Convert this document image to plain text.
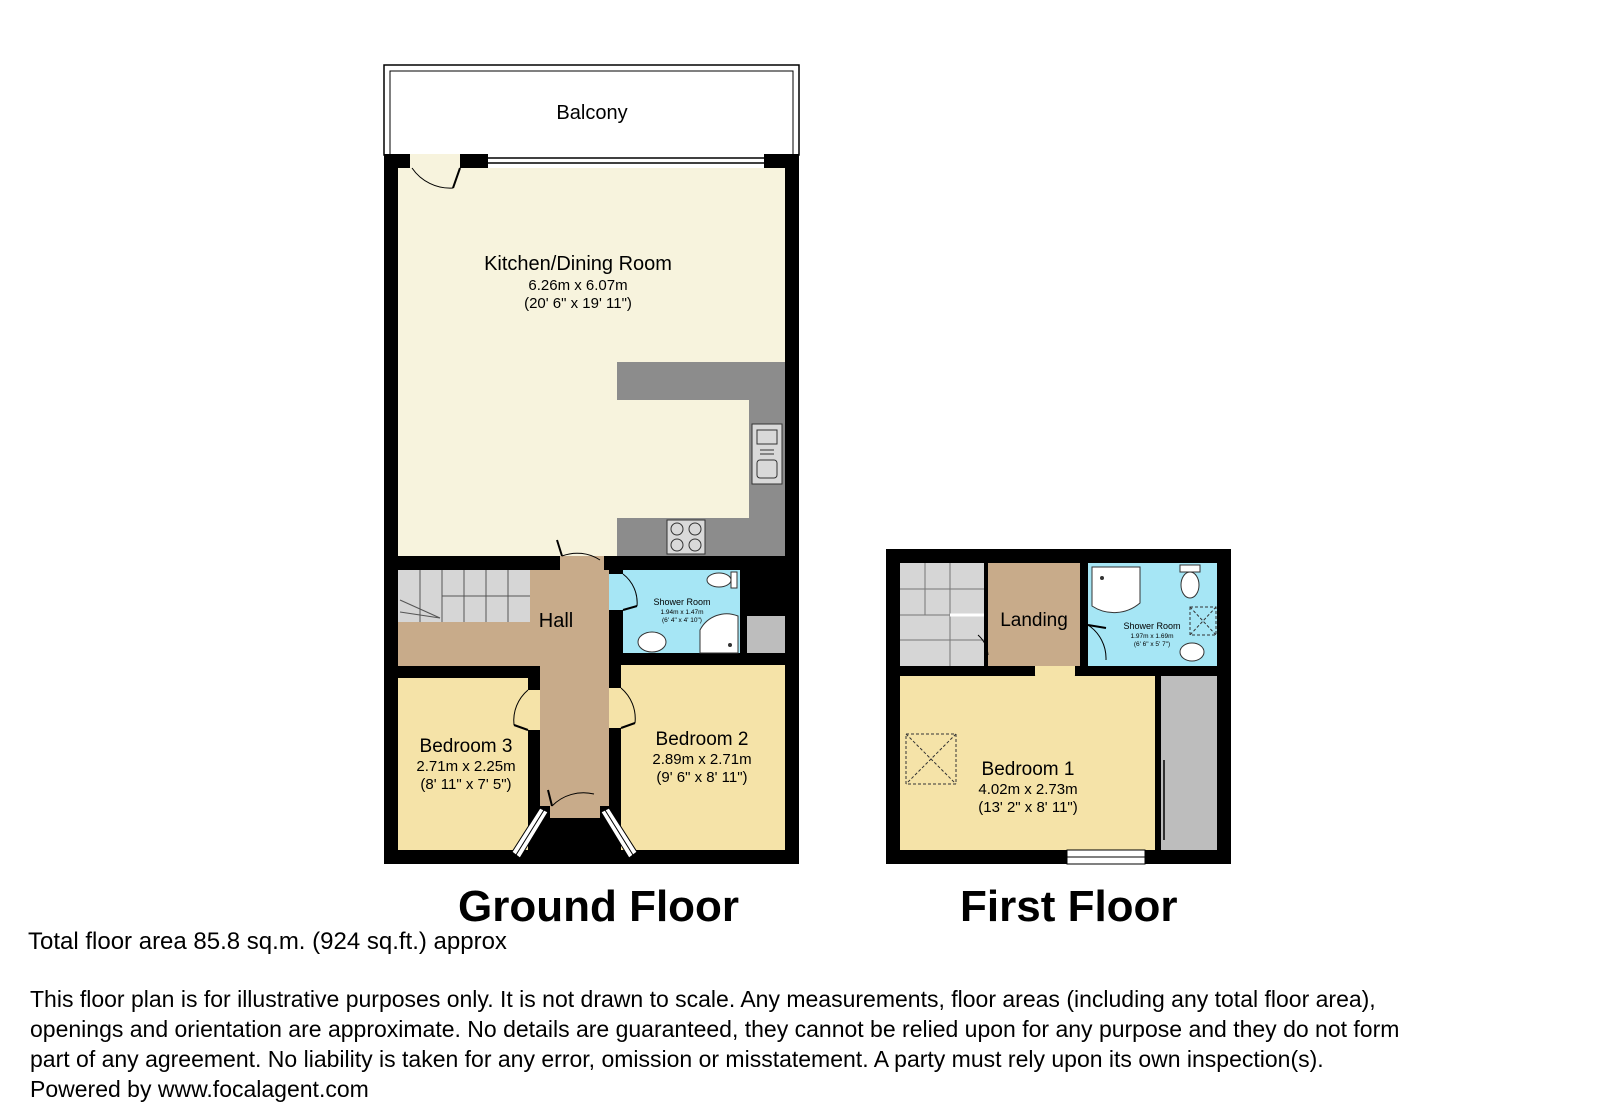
Balcony
Kitchen/Dining Room
6.26m x 6.07m
(20' 6" x 19' 11")
Hall
Shower Room
1.94m x 1.47m
(6' 4" x 4' 10")
Bedroom 3
2.71m x 2.25m
(8' 11" x 7' 5")
Bedroom 2
2.89m x 2.71m
(9' 6" x 8' 11")
Landing	Shower Room
1.97m x 1.69m
(6' 6" x 5' 7")
Bedroom 1
4.02m x 2.73m
(13' 2" x 8' 11")
Ground Floor	First Floor
Total floor area 85.8 sq.m. (924 sq.ft.) approx
This floor plan is for illustrative purposes only. It is not drawn to scale. Any measurements, floor areas (including any total floor area),
openings and orientation are approximate. No details are guaranteed, they cannot be relied upon for any purpose and they do not form
part of any agreement. No liability is taken for any error, omission or misstatement. A party must rely upon its own inspection(s).
Powered by www.focalagent.com
